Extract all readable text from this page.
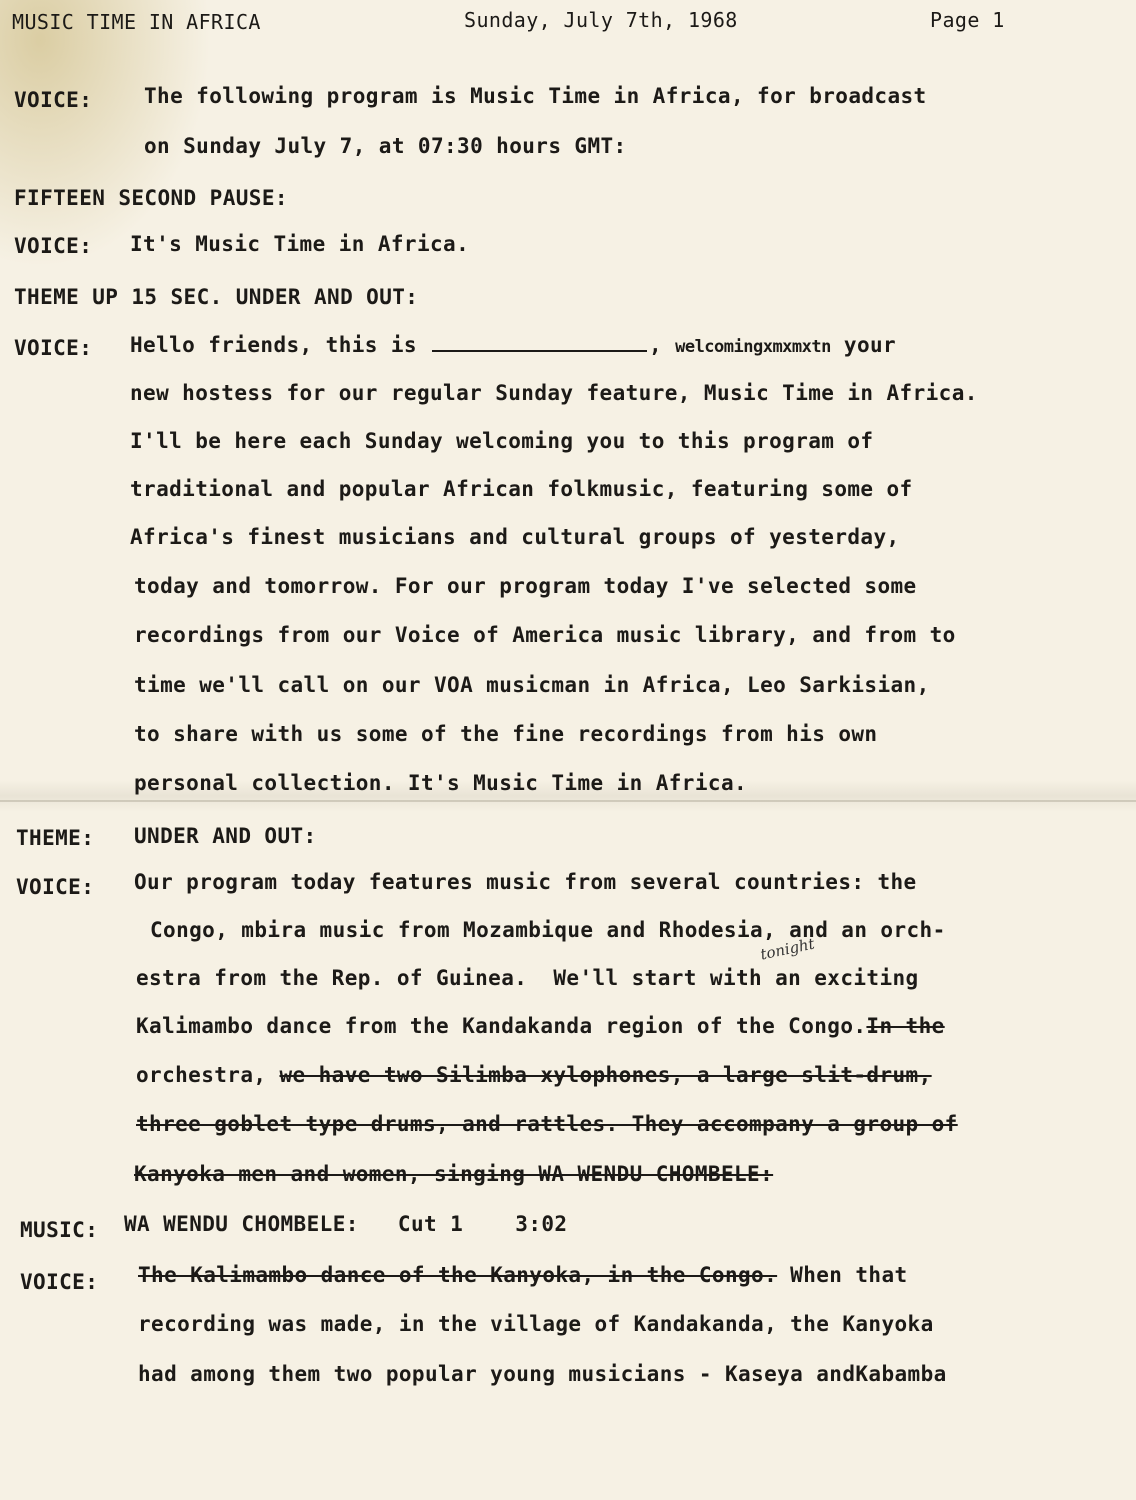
MUSIC TIME IN AFRICA	Sunday, July 7th, 1968	Page 1
VOICE: The following program is Music Time in Africa, for broadcast
on Sunday July 7, at 07:30 hours GMT:
FIFTEEN SECOND PAUSE:
VOICE: It's Music Time in Africa.
THEME UP 15 SEC. UNDER AND OUT:
VOICE: Hello friends, this is	, welcomingxmxmxtn your
new hostess for our regular Sunday feature, Music Time in Africa.
I'll be here each Sunday welcoming you to this program of
traditional and popular African folkmusic, featuring some of
Africa's finest musicians and cultural groups of yesterday,
today and tomorrow. For our program today I've selected some
recordings from our Voice of America music library, and from to
time we'll call on our VOA musicman in Africa, Leo Sarkisian,
to share with us some of the fine recordings from his own
personal collection. It's Music Time in Africa.
THEME: UNDER AND OUT:
VOICE: Our program today features music from several countries: the
Congo, mbira music from Mozambique and Rhodesia, and an orch-
estra from the Rep. of Guinea.  We'll start with an exciting
tonight
Kalimambo dance from the Kandakanda region of the Congo.In the
orchestra, we have two Silimba xylophones, a large slit-drum,
three goblet type drums, and rattles. They accompany a group of
Kanyoka men and women, singing WA WENDU CHOMBELE:
MUSIC: WA WENDU CHOMBELE:   Cut 1    3:02
VOICE: The Kalimambo dance of the Kanyoka, in the Congo. When that
recording was made, in the village of Kandakanda, the Kanyoka
had among them two popular young musicians - Kaseya andKabamba
